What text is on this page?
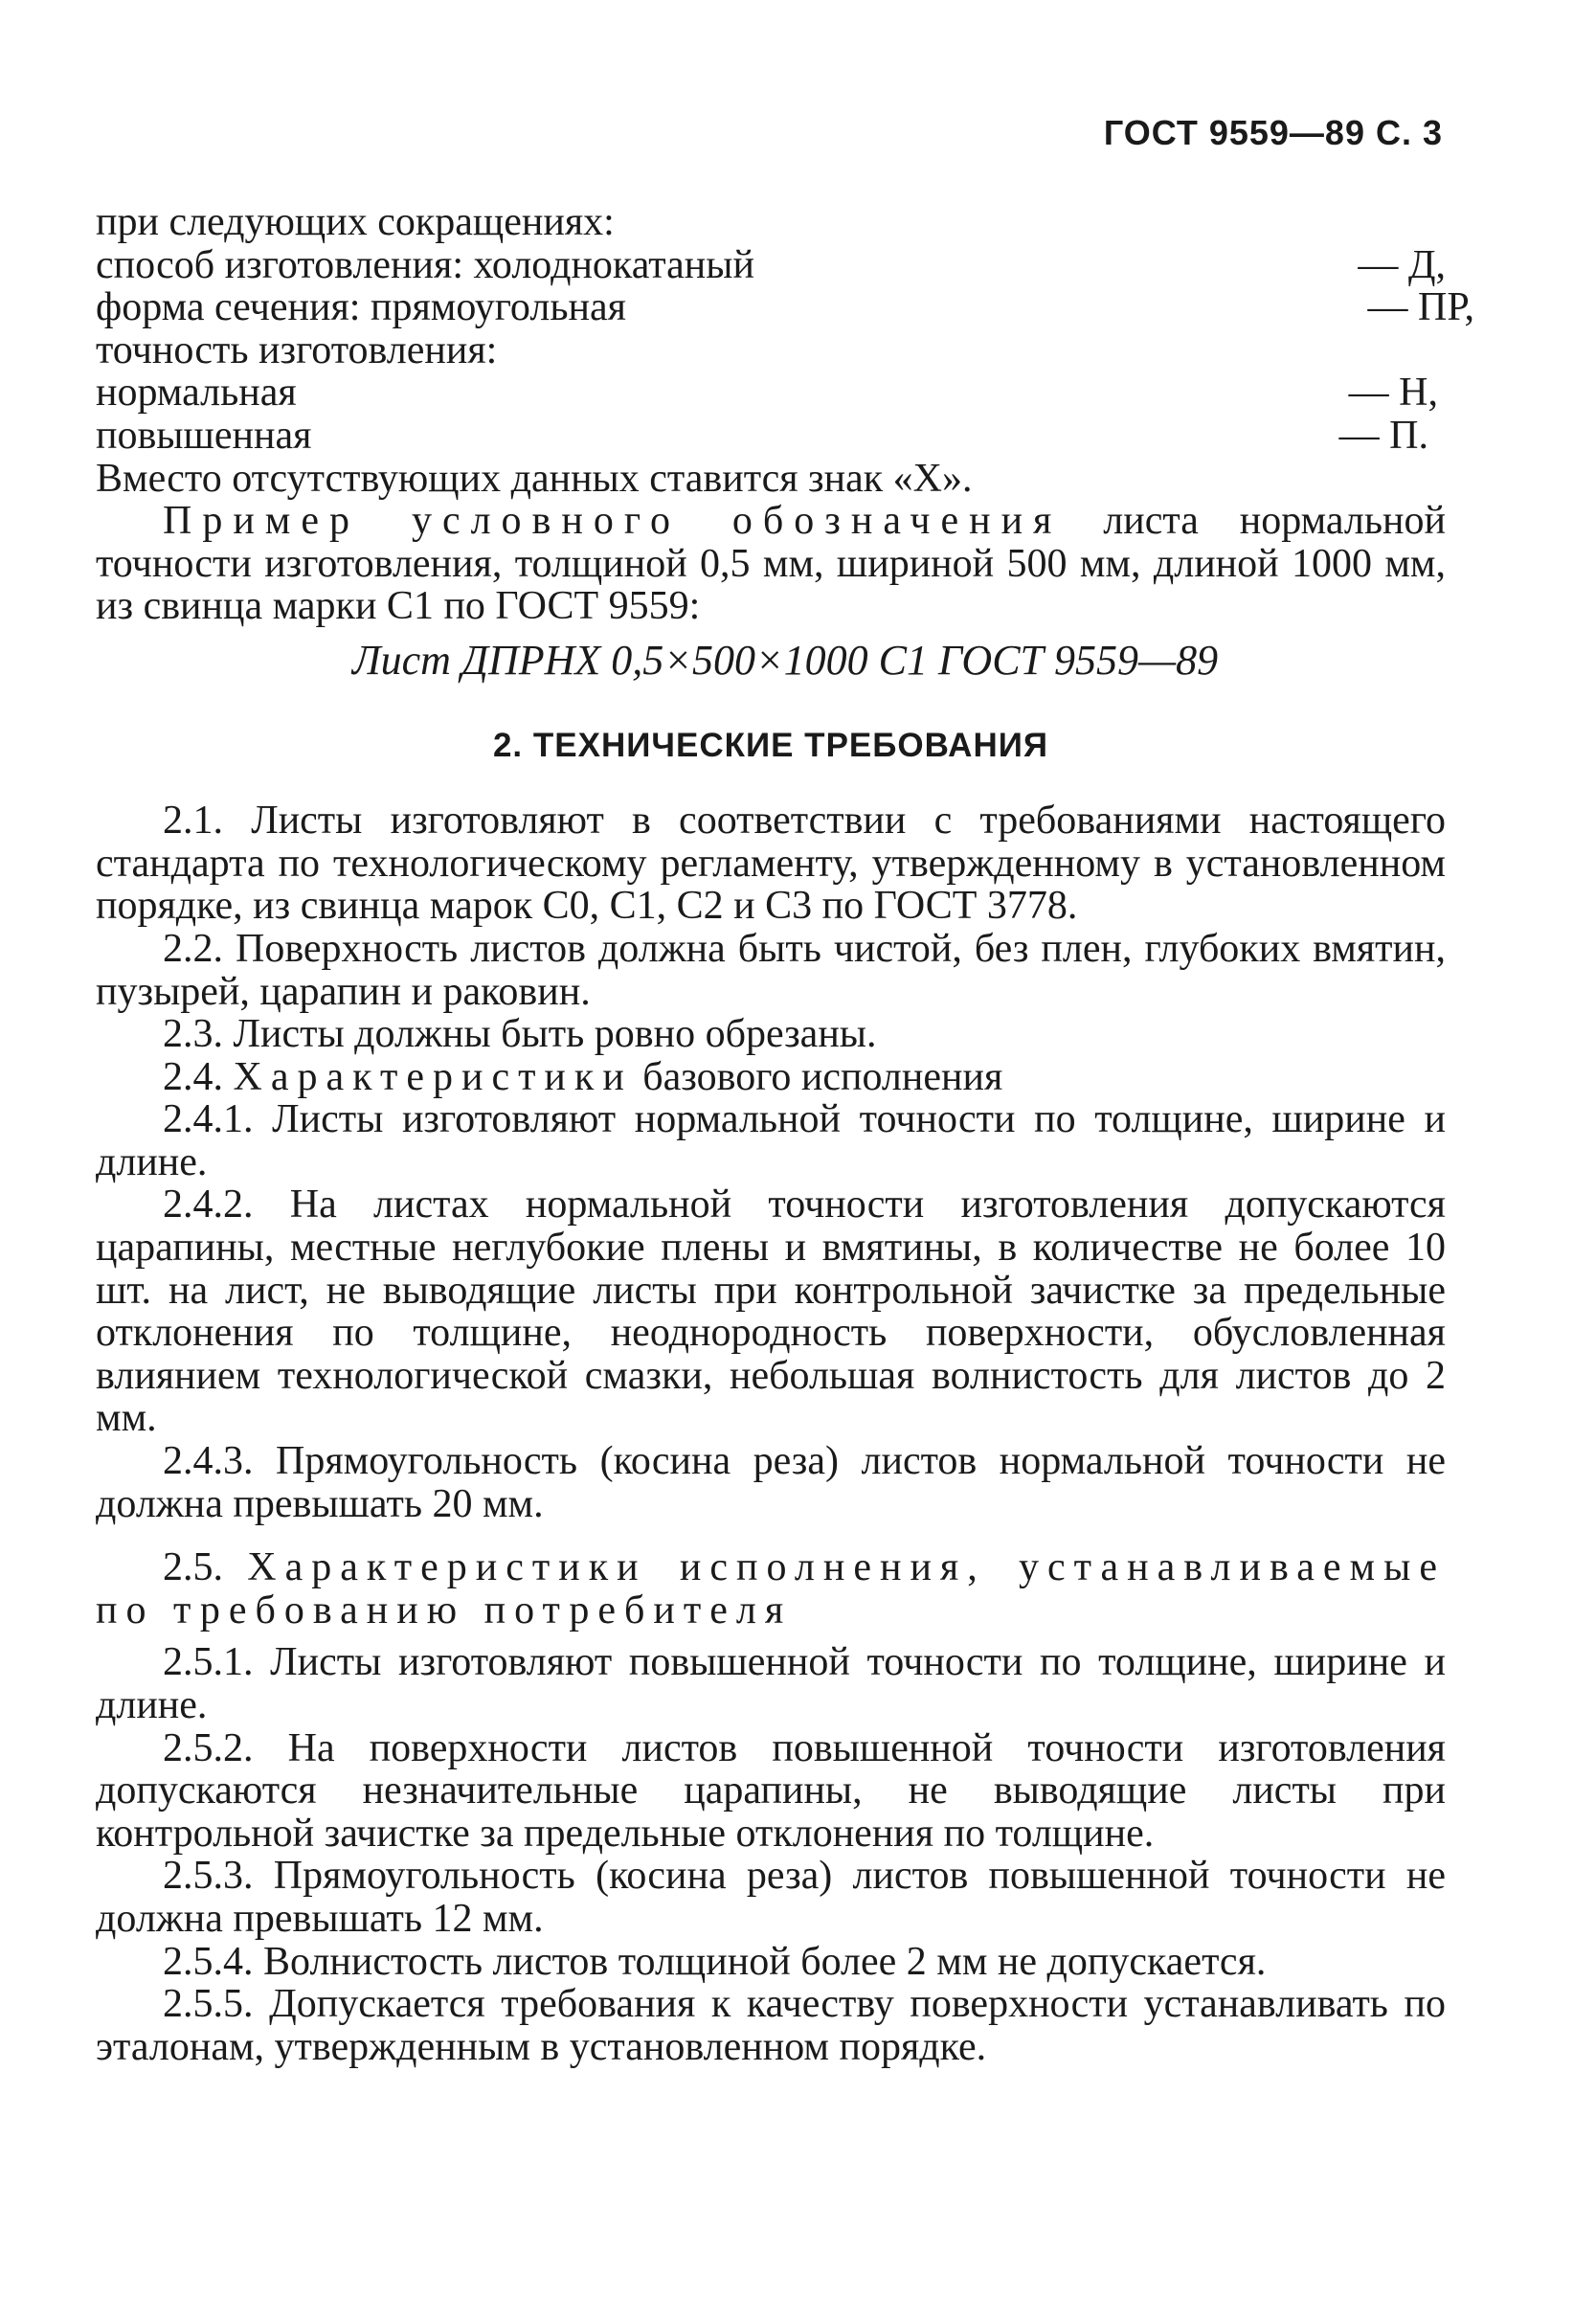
ГОСТ 9559—89 С. 3
при следующих сокращениях:
способ изготовления: холоднокатаный	— Д,
форма сечения: прямоугольная	— ПР,
точность изготовления:
нормальная	— Н,
повышенная	— П.
Вместо отсутствующих данных ставится знак «Х».

Пример условного обозначения листа нормальной точности изготовления, толщиной 0,5 мм, шириной 500 мм, длиной 1000 мм, из свинца марки С1 по ГОСТ 9559:

Лист ДПРНХ 0,5×500×1000 С1 ГОСТ 9559—89
2. ТЕХНИЧЕСКИЕ ТРЕБОВАНИЯ

2.1. Листы изготовляют в соответствии с требованиями настоящего стандарта по технологическому регламенту, утвержденному в установленном порядке, из свинца марок С0, С1, С2 и С3 по ГОСТ 3778.

2.2. Поверхность листов должна быть чистой, без плен, глубоких вмятин, пузырей, царапин и раковин.

2.3. Листы должны быть ровно обрезаны.

2.4. Характеристики базового исполнения

2.4.1. Листы изготовляют нормальной точности по толщине, ширине и длине.

2.4.2. На листах нормальной точности изготовления допускаются царапины, местные неглубокие плены и вмятины, в количестве не более 10 шт. на лист, не выводящие листы при контрольной зачистке за предельные отклонения по толщине, неоднородность поверхности, обусловленная влиянием технологической смазки, небольшая волнистость для листов до 2 мм.

2.4.3. Прямоугольность (косина реза) листов нормальной точности не должна превышать 20 мм.

2.5. Характеристики исполнения, устанавливаемые по требованию потребителя

2.5.1. Листы изготовляют повышенной точности по толщине, ширине и длине.

2.5.2. На поверхности листов повышенной точности изготовления допускаются незначительные царапины, не выводящие листы при контрольной зачистке за предельные отклонения по толщине.

2.5.3. Прямоугольность (косина реза) листов повышенной точности не должна превышать 12 мм.

2.5.4. Волнистость листов толщиной более 2 мм не допускается.

2.5.5. Допускается требования к качеству поверхности устанавливать по эталонам, утвержденным в установленном порядке.
